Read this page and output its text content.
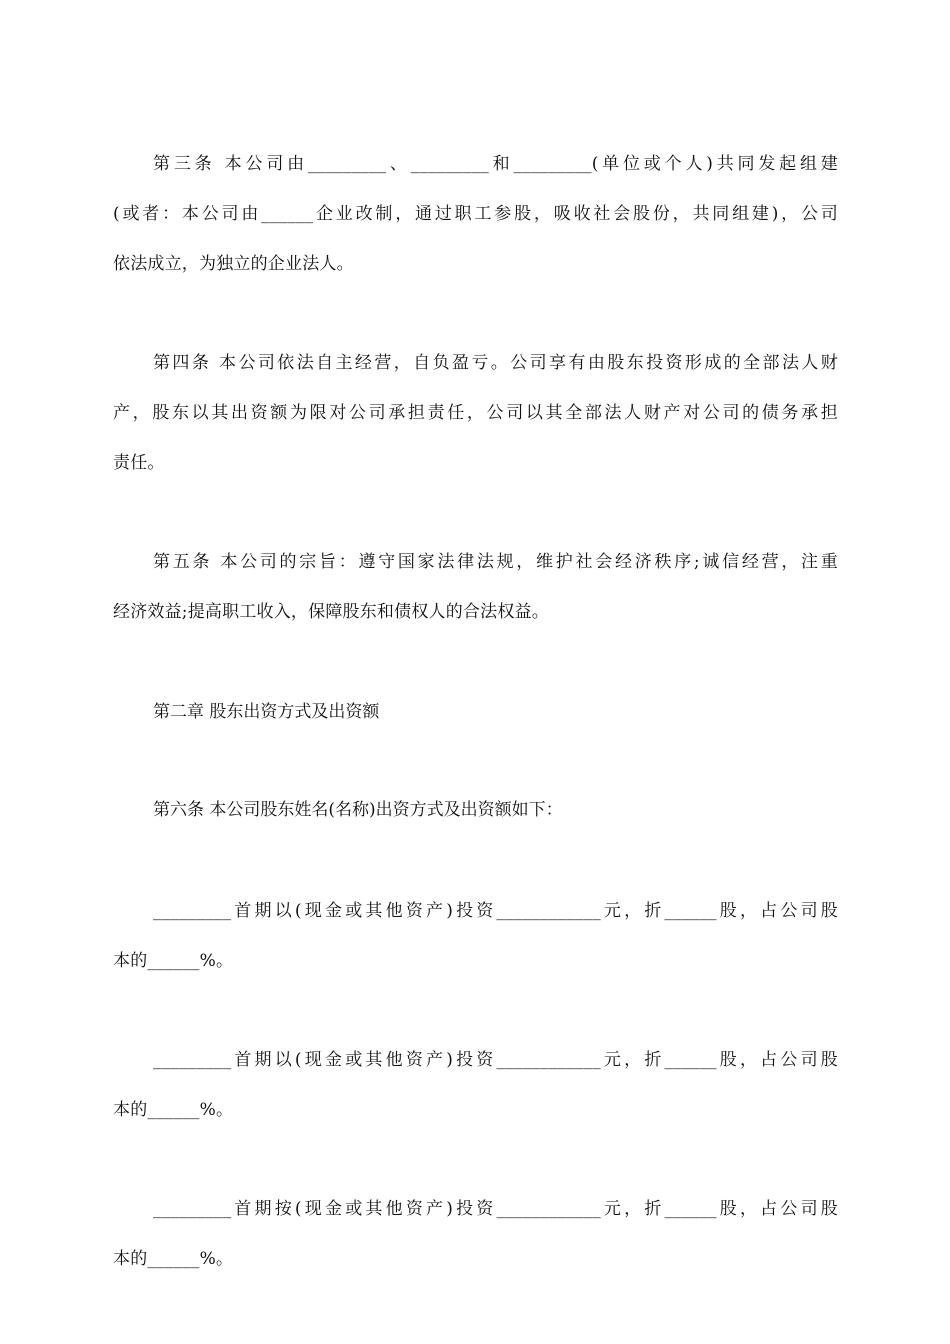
第三条 本公司由_________、_________和_________(单位或个人)共同发起组建
(或者：本公司由______企业改制，通过职工参股，吸收社会股份，共同组建)，公司
依法成立，为独立的企业法人。
第四条 本公司依法自主经营，自负盈亏。公司享有由股东投资形成的全部法人财
产，股东以其出资额为限对公司承担责任，公司以其全部法人财产对公司的债务承担
责任。
第五条 本公司的宗旨：遵守国家法律法规，维护社会经济秩序;诚信经营，注重
经济效益;提高职工收入，保障股东和债权人的合法权益。
第二章 股东出资方式及出资额
第六条 本公司股东姓名(名称)出资方式及出资额如下：
_________首期以(现金或其他资产)投资____________元，折______股，占公司股
本的______%。
_________首期以(现金或其他资产)投资____________元，折______股，占公司股
本的______%。
_________首期按(现金或其他资产)投资____________元，折______股，占公司股
本的______%。
